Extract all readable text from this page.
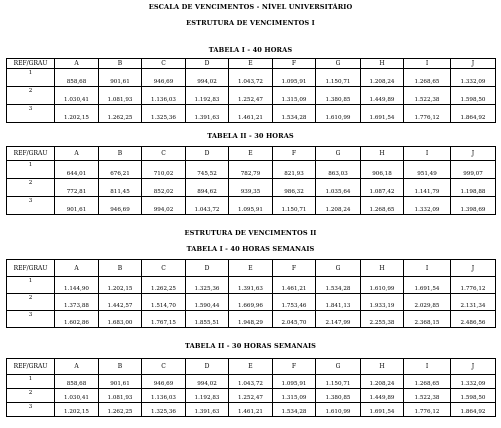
ESCALA DE VENCIMENTOS - NÍVEL UNIVERSITÁRIO
ESTRUTURA DE VENCIMENTOS I
TABELA I - 40 HORAS
REF/GRAU	A	B	C	D	E	F	G	H	I	J
1	858,68	901,61	946,69	994,02	1.043,72	1.095,91	1.150,71	1.208,24	1.268,65	1.332,09
2	1.030,41	1.081,93	1.136,03	1.192,83	1.252,47	1.315,09	1.380,85	1.449,89	1.522,38	1.598,50
3	1.202,15	1.262,25	1.325,36	1.391,63	1.461,21	1.534,28	1.610,99	1.691,54	1.776,12	1.864,92
TABELA II - 30 HORAS
REF/GRAU	A	B	C	D	E	F	G	H	I	J
1	644,01	676,21	710,02	745,52	782,79	821,93	863,03	906,18	951,49	999,07
2	772,81	811,45	852,02	894,62	939,35	986,32	1.035,64	1.087,42	1.141,79	1.198,88
3	901,61	946,69	994,02	1.043,72	1.095,91	1.150,71	1.208,24	1.268,65	1.332,09	1.398,69
ESTRUTURA DE VENCIMENTOS II
TABELA I - 40 HORAS SEMANAIS
REF/GRAU	A	B	C	D	E	F	G	H	I	J
1	1.144,90	1.202,15	1.262,25	1.325,36	1.391,63	1.461,21	1.534,28	1.610,99	1.691,54	1.776,12
2	1.373,88	1.442,57	1.514,70	1.590,44	1.669,96	1.753,46	1.841,13	1.933,19	2.029,85	2.131,34
3	1.602,86	1.683,00	1.767,15	1.855,51	1.948,29	2.045,70	2.147,99	2.255,38	2.368,15	2.486,56
TABELA II - 30 HORAS SEMANAIS
REF/GRAU	A	B	C	D	E	F	G	H	I	J
1	858,68	901,61	946,69	994,02	1.043,72	1.095,91	1.150,71	1.208,24	1.268,65	1.332,09
2	1.030,41	1.081,93	1.136,03	1.192,83	1.252,47	1.315,09	1.380,85	1.449,89	1.522,38	1.598,50
3	1.202,15	1.262,25	1.325,36	1.391,63	1.461,21	1.534,28	1.610,99	1.691,54	1.776,12	1.864,92
